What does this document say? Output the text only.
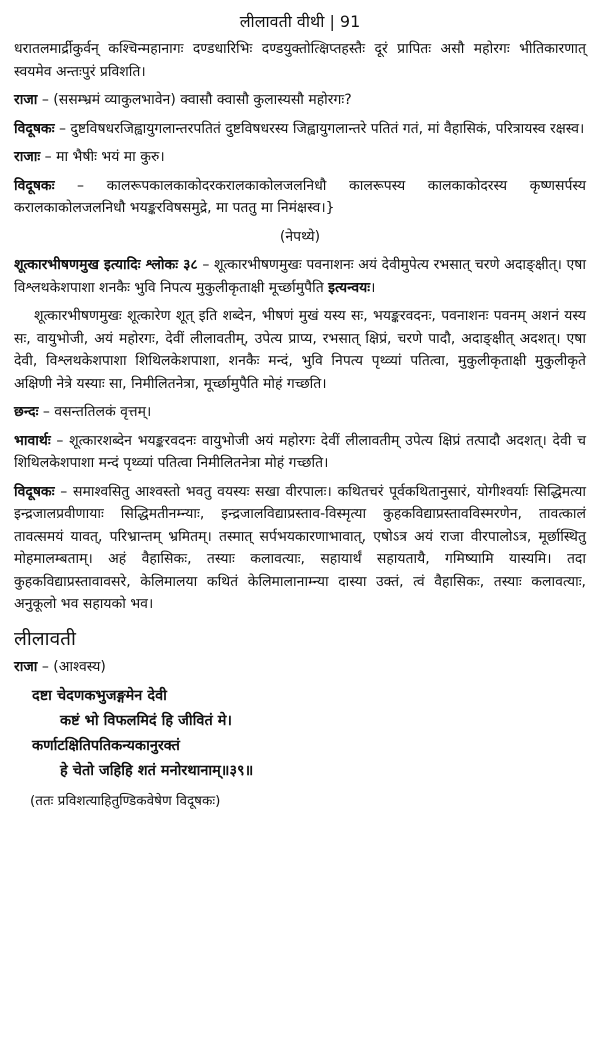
लीलावती वीथी | 91

धरातलमार्द्रीकुर्वन् कश्चिन्महानागः दण्डधारिभिः दण्डयुक्तोत्क्षिप्तहस्तैः दूरं प्रापितः असौ महोरगः भीतिकारणात् स्वयमेव अन्तःपुरं प्रविशति।

राजा – (ससम्भ्रमं व्याकुलभावेन) क्वासौ क्वासौ कुलास्यसौ महोरगः?

विदूषकः – दुष्टविषधरजिह्वायुगलान्तरपतितं दुष्टविषधरस्य जिह्वायुगलान्तरे पतितं गतं, मां वैहासिकं, परित्रायस्व रक्षस्व।

राजाः – मा भैषीः भयं मा कुरु।

विदूषकः – कालरूपकालकाकोदरकरालकाकोलजलनिधौ कालरूपस्य कालकाकोदरस्य कृष्णसर्पस्य करालकाकोलजलनिधौ भयङ्करविषसमुद्रे, मा पततु मा निमंक्षस्व।}

(नेपथ्ये)

शूत्कारभीषणमुख इत्यादिः श्लोकः ३८ – शूत्कारभीषणमुखः पवनाशनः अयं देवीमुपेत्य रभसात् चरणे अदाङ्क्षीत्। एषा विश्लथकेशपाशा शनकैः भुवि निपत्य मुकुलीकृताक्षी मूर्च्छामुपैति इत्यन्वयः।

शूत्कारभीषणमुखः शूत्कारेण शूत् इति शब्देन, भीषणं मुखं यस्य सः, भयङ्करवदनः, पवनाशनः पवनम् अशनं यस्य सः, वायुभोजी, अयं महोरगः, देवीं लीलावतीम्, उपेत्य प्राप्य, रभसात् क्षिप्रं, चरणे पादौ, अदाङ्क्षीत् अदशत्। एषा देवी, विश्लथकेशपाशा शिथिलकेशपाशा, शनकैः मन्दं, भुवि निपत्य पृथ्व्यां पतित्वा, मुकुलीकृताक्षी मुकुलीकृते अक्षिणी नेत्रे यस्याः सा, निमीलितनेत्रा, मूर्च्छामुपैति मोहं गच्छति।

छन्दः – वसन्ततिलकं वृत्तम्।

भावार्थः – शूत्कारशब्देन भयङ्करवदनः वायुभोजी अयं महोरगः देवीं लीलावतीम् उपेत्य क्षिप्रं तत्पादौ अदशत्। देवी च शिथिलकेशपाशा मन्दं पृथ्व्यां पतित्वा निमीलितनेत्रा मोहं गच्छति।

विदूषकः – समाश्वसितु आश्वस्तो भवतु वयस्यः सखा वीरपालः। कथितचरं पूर्वकथितानुसारं, योगीश्वर्याः सिद्धिमत्या इन्द्रजालप्रवीणायाः सिद्धिमतीनम्न्याः, इन्द्रजालविद्याप्रस्ताव-विस्मृत्या कुहकविद्याप्रस्तावविस्मरणेन, तावत्कालं तावत्समयं यावत्, परिभ्रान्तम् भ्रमितम्। तस्मात् सर्पभयकारणाभावात्, एषोऽत्र अयं राजा वीरपालोऽत्र, मूर्छास्थितु मोहमालम्बताम्। अहं वैहासिकः, तस्याः कलावत्याः, सहायार्थं सहायतायै, गमिष्यामि यास्यमि। तदा कुहकविद्याप्रस्तावावसरे, केलिमालया कथितं केलिमालानाम्न्या दास्या उक्तं, त्वं वैहासिकः, तस्याः कलावत्याः, अनुकूलो भव सहायको भव।

लीलावती

राजा – (आश्वस्य)

दष्टा चेदणकभुजङ्गमेन देवी
कष्टं भो विफलमिदं हि जीवितं मे।
कर्णाटक्षितिपतिकन्यकानुरक्तं
हे चेतो जहिहि शतं मनोरथानाम्॥३९॥
(ततः प्रविशत्याहितुण्डिकवेषेण विदूषकः)
